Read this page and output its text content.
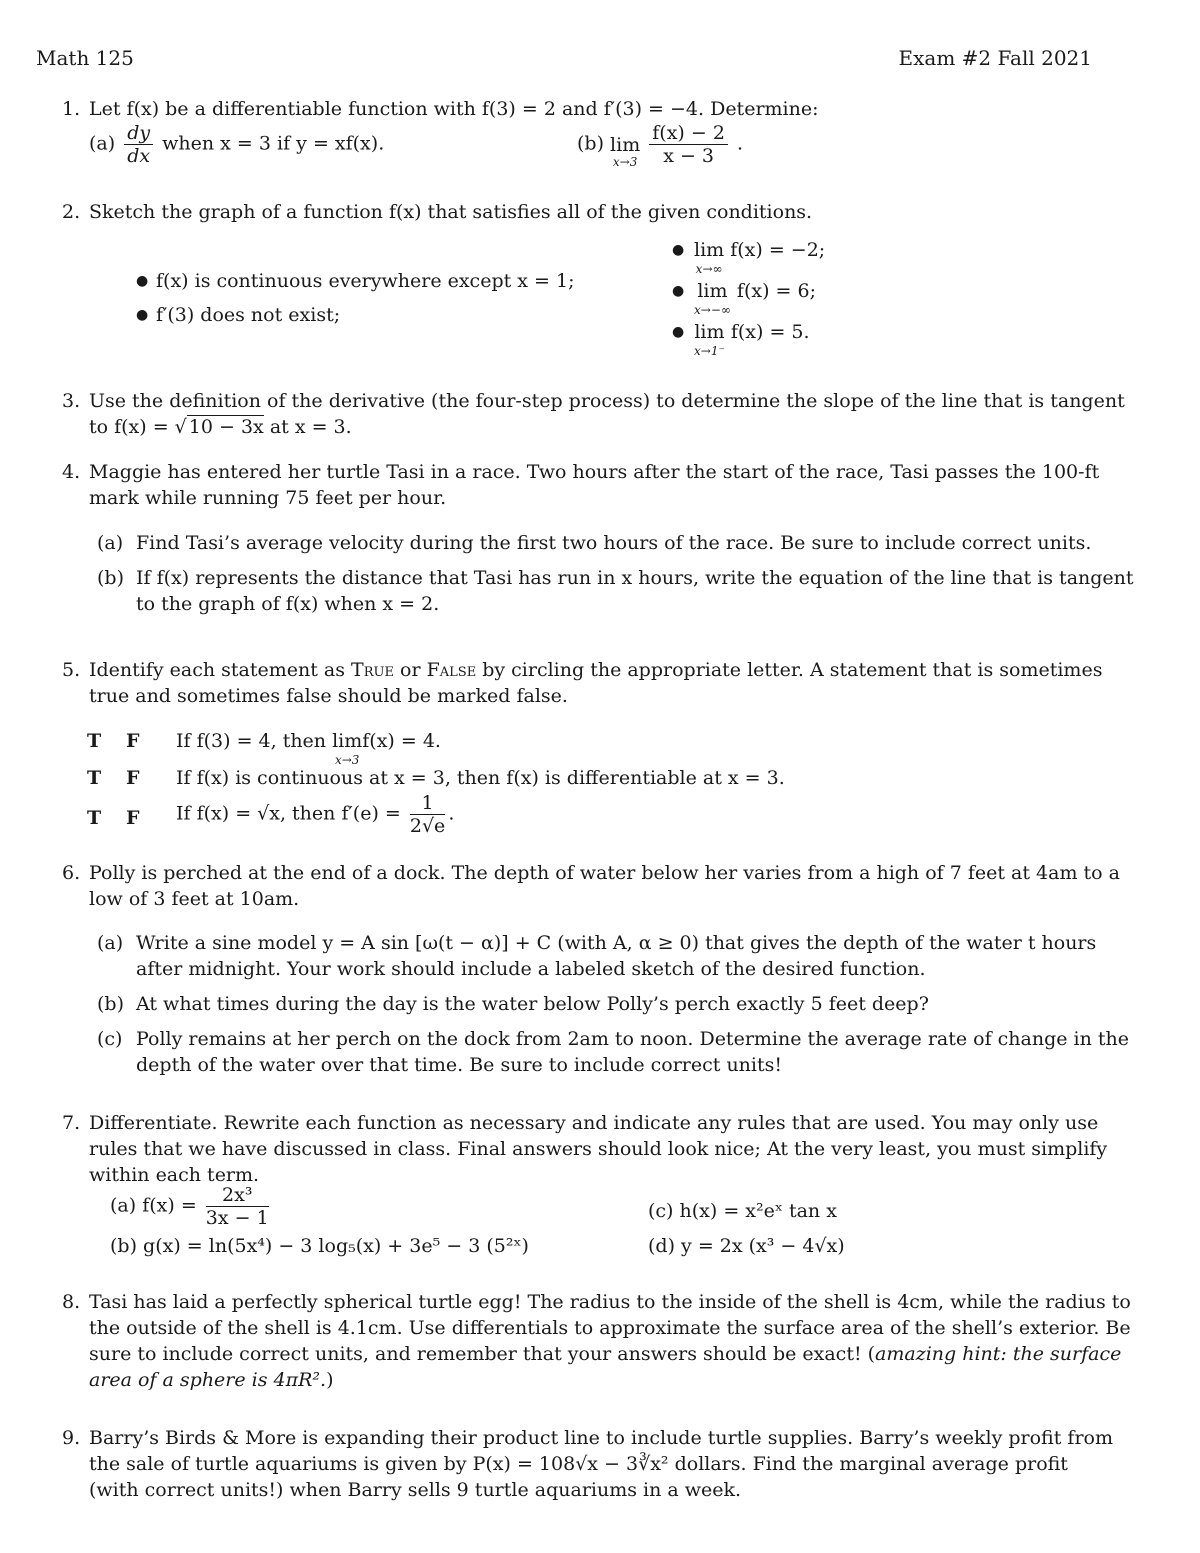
Math 125	Exam #2 Fall 2021
1. Let f(x) be a differentiable function with f(3) = 2 and f′(3) = −4. Determine:
$(a) \frac{dy}{dx}$ when x = 3 if y = xf(x).	(b) lim
x→3
$\frac{f(x) - 2}{x - 3}$ .
2. Sketch the graph of a function f(x) that satisfies all of the given conditions.
● f(x) is continuous everywhere except x = 1;
● f′(3) does not exist;
● lim
x→∞
f(x) = −2;
● lim
x→−∞
f(x) = 6;
● lim
x→1⁻
f(x) = 5.
3. Use the definition of the derivative (the four-step process) to determine the slope of the line that is tangent
to f(x) = √ 10 − 3x at x = 3.
4. Maggie has entered her turtle Tasi in a race. Two hours after the start of the race, Tasi passes the 100-ft
mark while running 75 feet per hour.
(a) Find Tasi’s average velocity during the first two hours of the race. Be sure to include correct units.
(b) If f(x) represents the distance that Tasi has run in x hours, write the equation of the line that is tangent
to the graph of f(x) when x = 2.
5. Identify each statement as True or False by circling the appropriate letter. A statement that is sometimes
true and sometimes false should be marked false.
T F If f(3) = 4, then lim
x→3
f(x) = 4.
T F If f(x) is continuous at x = 3, then f(x) is differentiable at x = 3.
T F If f(x) = √x, then $f'(e) = \frac{1}{2√e}$ .
6. Polly is perched at the end of a dock. The depth of water below her varies from a high of 7 feet at 4am to a
low of 3 feet at 10am.
(a) Write a sine model y = A sin [ω(t − α)] + C (with A, α ≥ 0) that gives the depth of the water t hours
after midnight. Your work should include a labeled sketch of the desired function.
(b) At what times during the day is the water below Polly’s perch exactly 5 feet deep?
(c) Polly remains at her perch on the dock from 2am to noon. Determine the average rate of change in the
depth of the water over that time. Be sure to include correct units!
7. Differentiate. Rewrite each function as necessary and indicate any rules that are used. You may only use
rules that we have discussed in class. Final answers should look nice; At the very least, you must simplify
within each term.
(a) $f(x) = \frac{\text{2x³}}{3x - 1}$
(b) g(x) = ln(5x⁴) − 3 log₅(x) + 3e⁵ − 3 (5²ˣ)
(c) h(x) = x²eˣ tan x
(d) y = 2x (x³ − 4√x)
8. Tasi has laid a perfectly spherical turtle egg! The radius to the inside of the shell is 4cm, while the radius to
the outside of the shell is 4.1cm. Use differentials to approximate the surface area of the shell’s exterior. Be
sure to include correct units, and remember that your answers should be exact! (amazing hint: the surface
area of a sphere is 4πR².)
9. Barry’s Birds & More is expanding their product line to include turtle supplies. Barry’s weekly profit from
the sale of turtle aquariums is given by P(x) = 108√x − 3∛x² dollars. Find the marginal average profit
(with correct units!) when Barry sells 9 turtle aquariums in a week.
